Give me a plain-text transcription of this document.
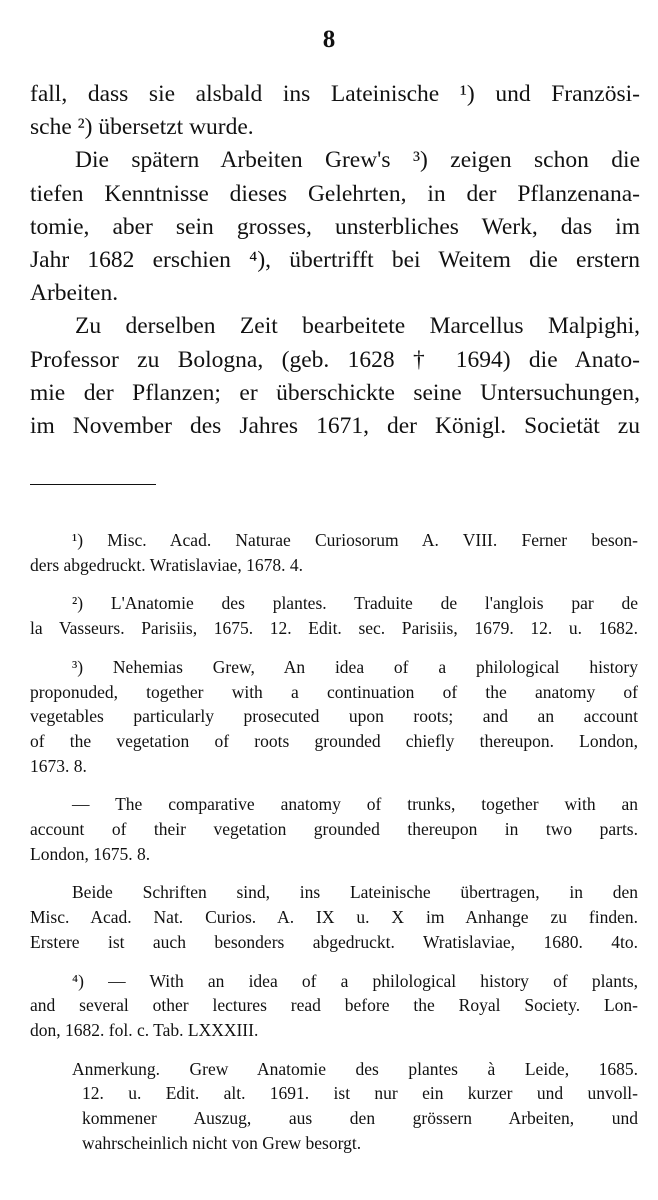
8
fall, dass sie alsbald ins Lateinische ¹) und Französi-
sche ²) übersetzt wurde.
Die spätern Arbeiten Grew's ³) zeigen schon die
tiefen Kenntnisse dieses Gelehrten, in der Pflanzenana-
tomie, aber sein grosses, unsterbliches Werk, das im
Jahr 1682 erschien ⁴), übertrifft bei Weitem die erstern
Arbeiten.
Zu derselben Zeit bearbeitete Marcellus Malpighi,
Professor zu Bologna, (geb. 1628 † 1694) die Anato-
mie der Pflanzen; er überschickte seine Untersuchungen,
im November des Jahres 1671, der Königl. Societät zu
¹) Misc. Acad. Naturae Curiosorum A. VIII. Ferner beson-
ders abgedruckt. Wratislaviae, 1678. 4.
²) L'Anatomie des plantes. Traduite de l'anglois par de
la Vasseurs. Parisiis, 1675. 12. Edit. sec. Parisiis, 1679. 12. u. 1682.
³) Nehemias Grew, An idea of a philological history
proponuded, together with a continuation of the anatomy of
vegetables particularly prosecuted upon roots; and an account
of the vegetation of roots grounded chiefly thereupon. London,
1673. 8.
— The comparative anatomy of trunks, together with an
account of their vegetation grounded thereupon in two parts.
London, 1675. 8.
Beide Schriften sind, ins Lateinische übertragen, in den
Misc. Acad. Nat. Curios. A. IX u. X im Anhange zu finden.
Erstere ist auch besonders abgedruckt. Wratislaviae, 1680. 4to.
⁴) — With an idea of a philological history of plants,
and several other lectures read before the Royal Society. Lon-
don, 1682. fol. c. Tab. LXXXIII.
Anmerkung. Grew Anatomie des plantes à Leide, 1685.
12. u. Edit. alt. 1691. ist nur ein kurzer und unvoll-
kommener Auszug, aus den grössern Arbeiten, und
wahrscheinlich nicht von Grew besorgt.
